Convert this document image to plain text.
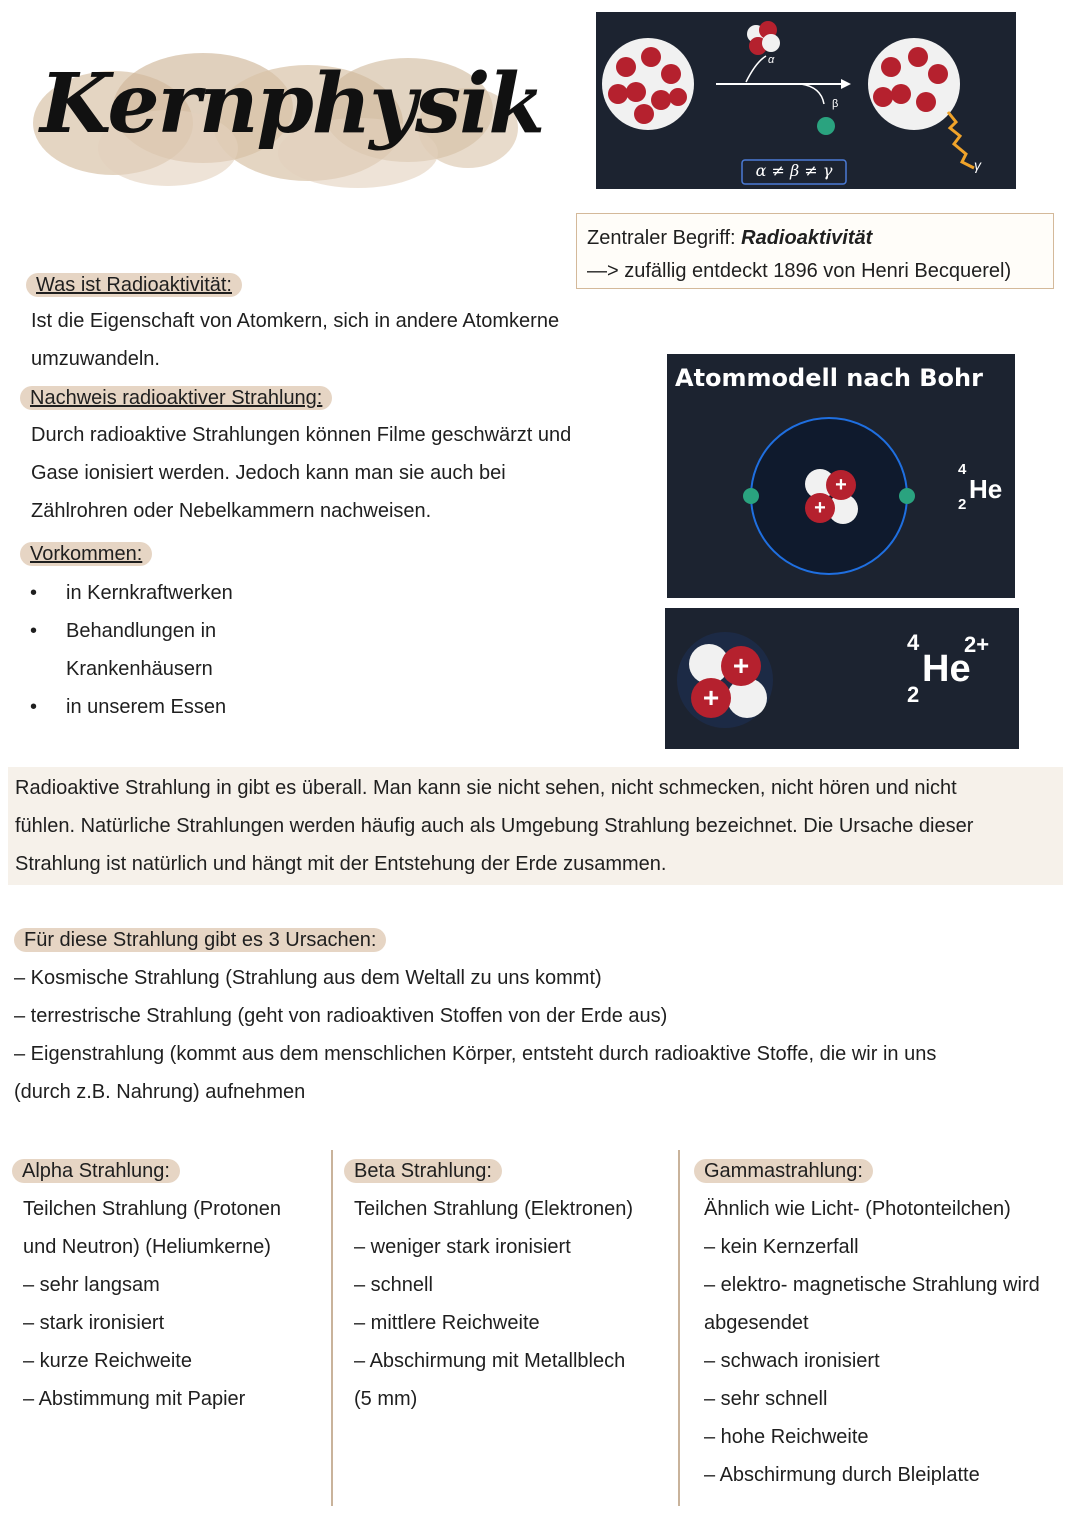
Kernphysik
α ≠ β ≠ γ
α
β
γ
Zentraler Begriff: Radioaktivität
—> zufällig entdeckt 1896 von Henri Becquerel)
Was ist Radioaktivität:
Ist die Eigenschaft von Atomkern, sich in andere Atomkerne
umzuwandeln.
Nachweis radioaktiver Strahlung:
Durch radioaktive Strahlungen können Filme geschwärzt und
Gase ionisiert werden. Jedoch kann man sie auch bei
Zählrohren oder Nebelkammern nachweisen.
Vorkommen:
• in Kernkraftwerken
• Behandlungen in
Krankenhäusern
• in unserem Essen
Atommodell nach Bohr
+
+
4
2
He
+
+
4
2
He
2+
Radioaktive Strahlung in gibt es überall. Man kann sie nicht sehen, nicht schmecken, nicht hören und nicht
fühlen. Natürliche Strahlungen werden häufig auch als Umgebung Strahlung bezeichnet. Die Ursache dieser
Strahlung ist natürlich und hängt mit der Entstehung der Erde zusammen.
Für diese Strahlung gibt es 3 Ursachen:
– Kosmische Strahlung (Strahlung aus dem Weltall zu uns kommt)
– terrestrische Strahlung (geht von radioaktiven Stoffen von der Erde aus)
– Eigenstrahlung (kommt aus dem menschlichen Körper, entsteht durch radioaktive Stoffe, die wir in uns
(durch z.B. Nahrung) aufnehmen
Alpha Strahlung:
Teilchen Strahlung (Protonen
und Neutron) (Heliumkerne)
– sehr langsam
– stark ironisiert
– kurze Reichweite
– Abstimmung mit Papier
Beta Strahlung:
Teilchen Strahlung (Elektronen)
– weniger stark ironisiert
– schnell
– mittlere Reichweite
– Abschirmung mit Metallblech
(5 mm)
Gammastrahlung:
Ähnlich wie Licht- (Photonteilchen)
– kein Kernzerfall
– elektro- magnetische Strahlung wird
abgesendet
– schwach ironisiert
– sehr schnell
– hohe Reichweite
– Abschirmung durch Bleiplatte
